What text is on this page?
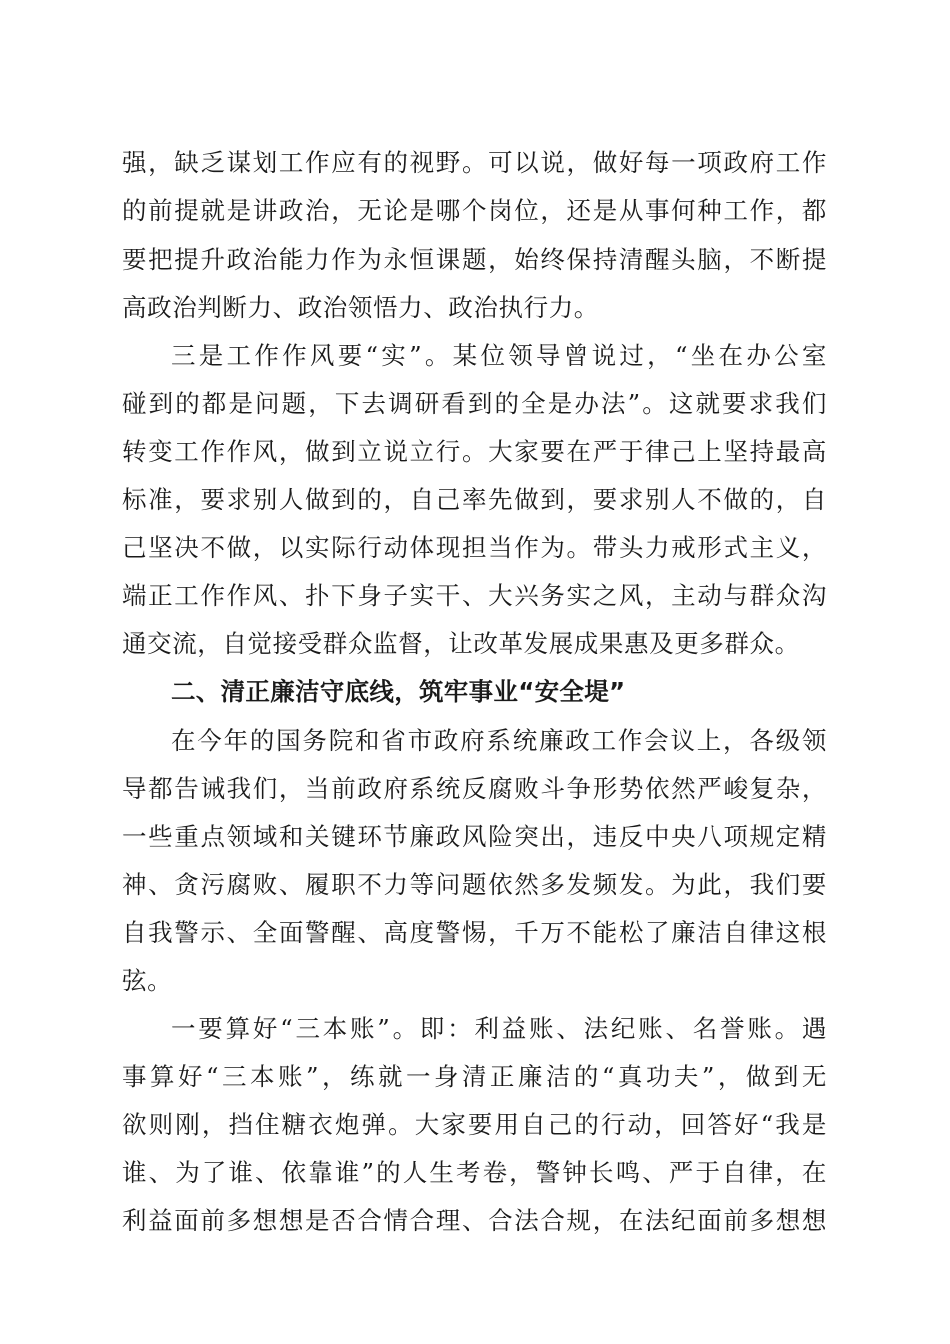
强，缺乏谋划工作应有的视野。可以说，做好每一项政府工作

的前提就是讲政治，无论是哪个岗位，还是从事何种工作，都

要把提升政治能力作为永恒课题，始终保持清醒头脑，不断提

高政治判断力、政治领悟力、政治执行力。

三是工作作风要“实”。某位领导曾说过，“坐在办公室

碰到的都是问题，下去调研看到的全是办法”。这就要求我们

转变工作作风，做到立说立行。大家要在严于律己上坚持最高

标准，要求别人做到的，自己率先做到，要求别人不做的，自

己坚决不做，以实际行动体现担当作为。带头力戒形式主义，

端正工作作风、扑下身子实干、大兴务实之风，主动与群众沟

通交流，自觉接受群众监督，让改革发展成果惠及更多群众。

二、清正廉洁守底线，筑牢事业“安全堤”

在今年的国务院和省市政府系统廉政工作会议上，各级领

导都告诫我们，当前政府系统反腐败斗争形势依然严峻复杂，

一些重点领域和关键环节廉政风险突出，违反中央八项规定精

神、贪污腐败、履职不力等问题依然多发频发。为此，我们要

自我警示、全面警醒、高度警惕，千万不能松了廉洁自律这根

弦。

一要算好“三本账”。即：利益账、法纪账、名誉账。遇

事算好“三本账”，练就一身清正廉洁的“真功夫”，做到无

欲则刚，挡住糖衣炮弹。大家要用自己的行动，回答好“我是

谁、为了谁、依靠谁”的人生考卷，警钟长鸣、严于自律，在

利益面前多想想是否合情合理、合法合规，在法纪面前多想想
